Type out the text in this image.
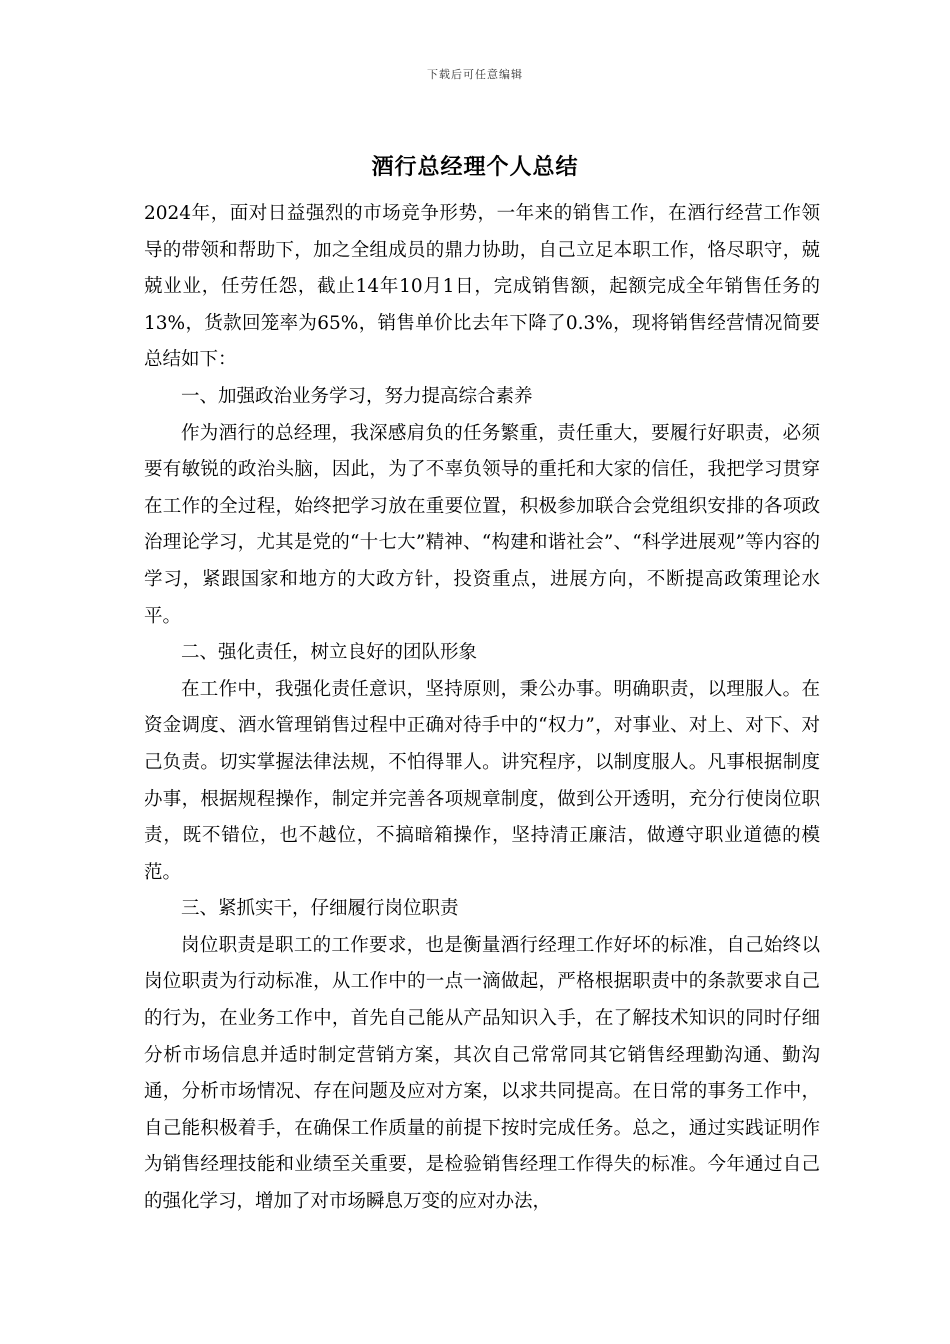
下载后可任意编辑
酒行总经理个人总结

2024年，面对日益强烈的市场竞争形势，一年来的销售工作，在酒行经营工作领导的带领和帮助下，加之全组成员的鼎力协助，自己立足本职工作，恪尽职守，兢兢业业，任劳任怨，截止14年10月1日，完成销售额，起额完成全年销售任务的13%，货款回笼率为65%，销售单价比去年下降了0.3%，现将销售经营情况简要总结如下：

一、加强政治业务学习，努力提高综合素养

作为酒行的总经理，我深感肩负的任务繁重，责任重大，要履行好职责，必须要有敏锐的政治头脑，因此，为了不辜负领导的重托和大家的信任，我把学习贯穿在工作的全过程，始终把学习放在重要位置，积极参加联合会党组织安排的各项政治理论学习，尤其是党的“十七大”精神、“构建和谐社会”、“科学进展观”等内容的学习，紧跟国家和地方的大政方针，投资重点，进展方向，不断提高政策理论水平。

二、强化责任，树立良好的团队形象

在工作中，我强化责任意识，坚持原则，秉公办事。明确职责，以理服人。在资金调度、酒水管理销售过程中正确对待手中的“权力”，对事业、对上、对下、对己负责。切实掌握法律法规，不怕得罪人。讲究程序，以制度服人。凡事根据制度办事，根据规程操作，制定并完善各项规章制度，做到公开透明，充分行使岗位职责，既不错位，也不越位，不搞暗箱操作，坚持清正廉洁，做遵守职业道德的模范。

三、紧抓实干，仔细履行岗位职责

岗位职责是职工的工作要求，也是衡量酒行经理工作好坏的标准，自己始终以岗位职责为行动标准，从工作中的一点一滴做起，严格根据职责中的条款要求自己的行为，在业务工作中，首先自己能从产品知识入手，在了解技术知识的同时仔细分析市场信息并适时制定营销方案，其次自己常常同其它销售经理勤沟通、勤沟通，分析市场情况、存在问题及应对方案，以求共同提高。在日常的事务工作中，自己能积极着手，在确保工作质量的前提下按时完成任务。总之，通过实践证明作为销售经理技能和业绩至关重要，是检验销售经理工作得失的标准。今年通过自己的强化学习，增加了对市场瞬息万变的应对办法，
